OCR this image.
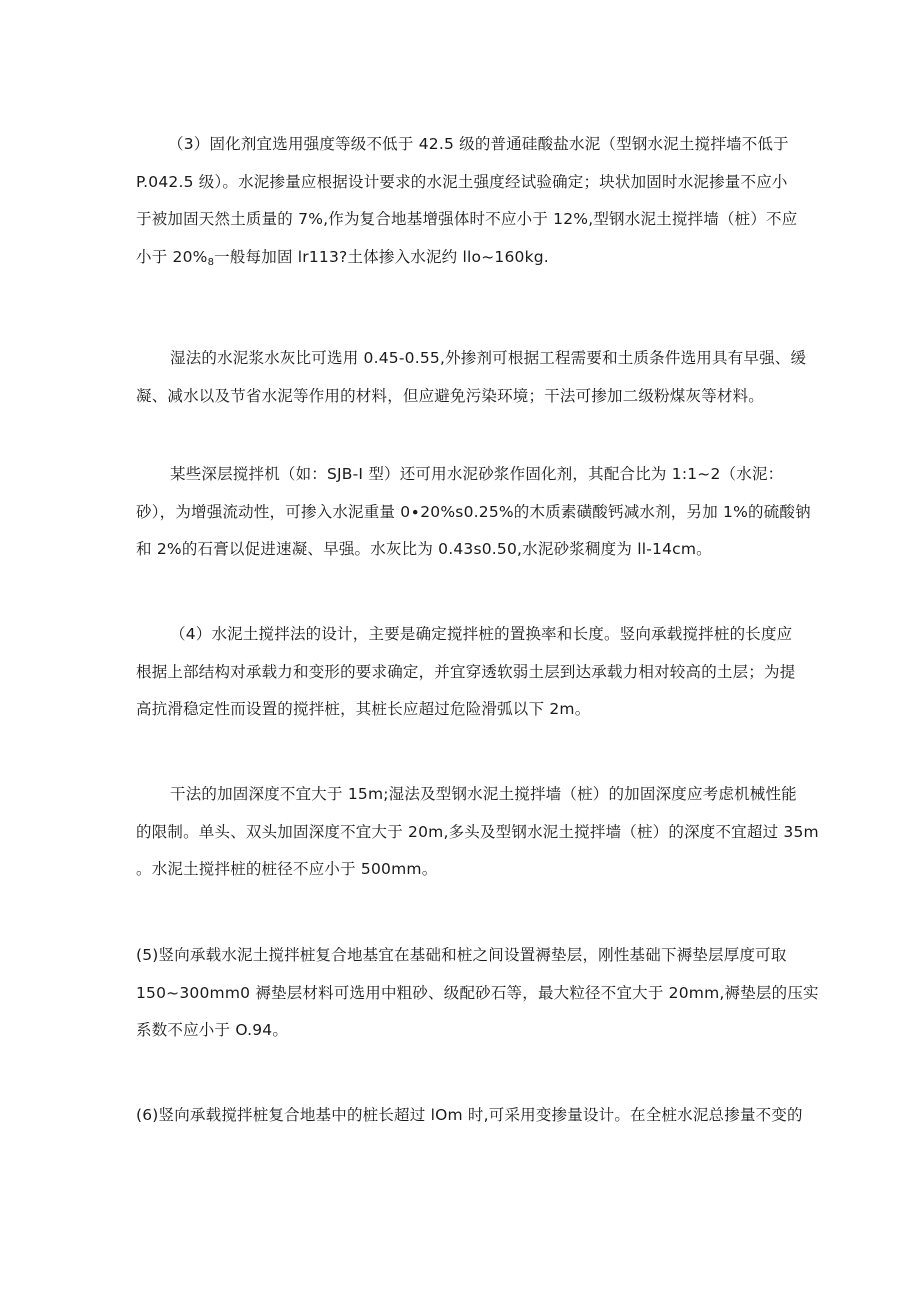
（3）固化剂宜选用强度等级不低于 42.5 级的普通硅酸盐水泥（型钢水泥土搅拌墙不低于
P.042.5 级）。水泥掺量应根据设计要求的水泥土强度经试验确定；块状加固时水泥掺量不应小
于被加固天然土质量的 7%,作为复合地基增强体时不应小于 12%,型钢水泥土搅拌墙（桩）不应
小于 $20\%_8$一般每加固 lr113?土体掺入水泥约 llo~160kg.
湿法的水泥浆水灰比可选用 0.45-0.55,外掺剂可根据工程需要和土质条件选用具有早强、缓
凝、减水以及节省水泥等作用的材料，但应避免污染环境；干法可掺加二级粉煤灰等材料。
某些深层搅拌机（如：SJB-I 型）还可用水泥砂浆作固化剂，其配合比为 1:1~2（水泥：
砂），为增强流动性，可掺入水泥重量 0∙20%s0.25%的木质素磺酸钙减水剂，另加 1%的硫酸钠
和 2%的石膏以促进速凝、早强。水灰比为 0.43s0.50,水泥砂浆稠度为 ll-14cm。
（4）水泥土搅拌法的设计，主要是确定搅拌桩的置换率和长度。竖向承载搅拌桩的长度应
根据上部结构对承载力和变形的要求确定，并宜穿透软弱土层到达承载力相对较高的土层；为提
高抗滑稳定性而设置的搅拌桩，其桩长应超过危险滑弧以下 2m。
干法的加固深度不宜大于 15m;湿法及型钢水泥土搅拌墙（桩）的加固深度应考虑机械性能
的限制。单头、双头加固深度不宜大于 20m,多头及型钢水泥土搅拌墙（桩）的深度不宜超过 35m
。水泥土搅拌桩的桩径不应小于 500mm。
(5)竖向承载水泥土搅拌桩复合地基宜在基础和桩之间设置褥垫层，刚性基础下褥垫层厚度可取
150~300mm0 褥垫层材料可选用中粗砂、级配砂石等，最大粒径不宜大于 20mm,褥垫层的压实
系数不应小于 O.94。
(6)竖向承载搅拌桩复合地基中的桩长超过 lOm 时,可采用变掺量设计。在全桩水泥总掺量不变的
